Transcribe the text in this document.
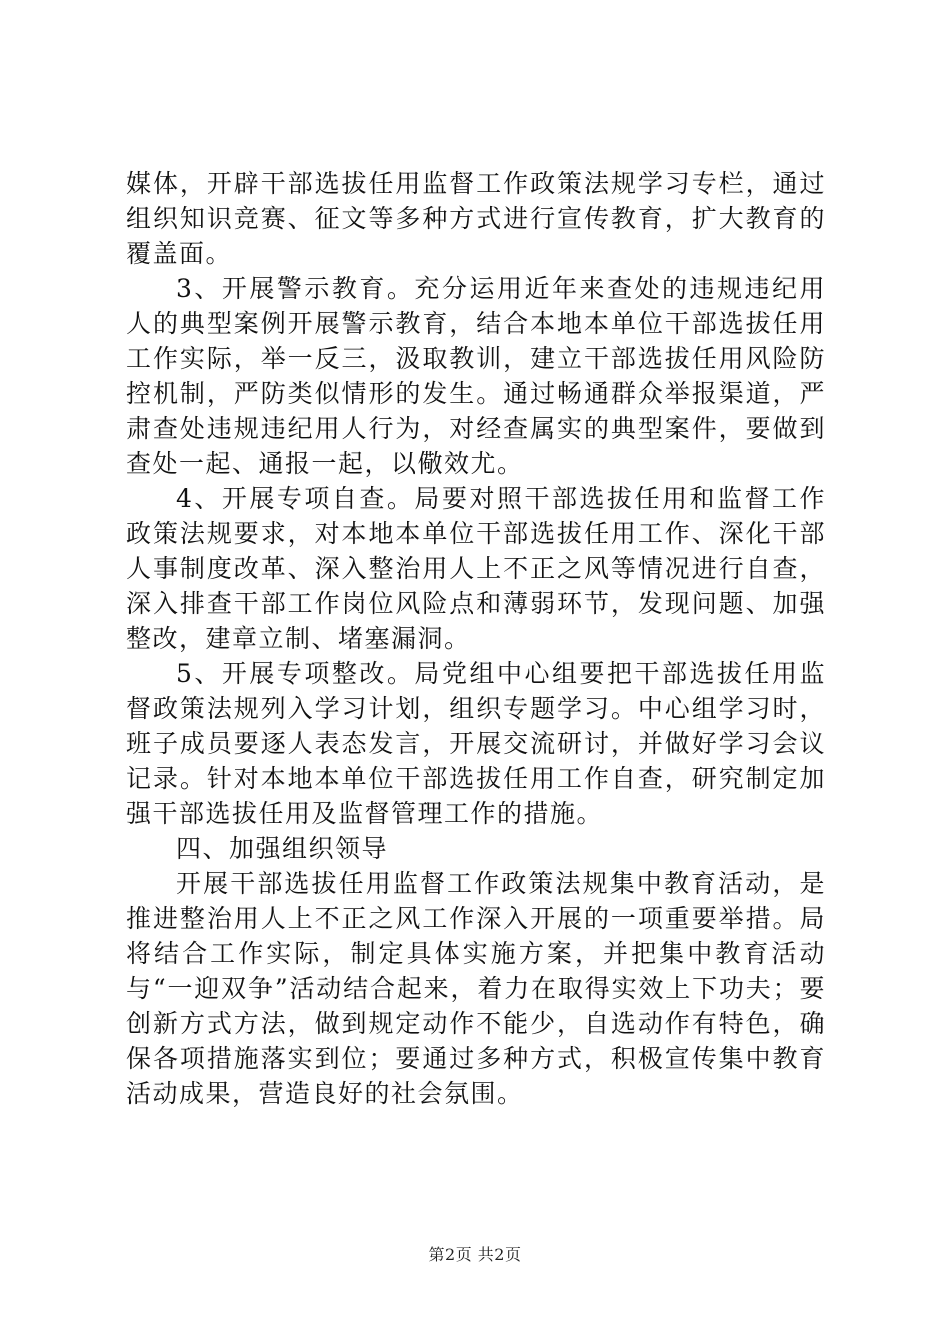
媒体，开辟干部选拔任用监督工作政策法规学习专栏，通过组织知识竞赛、征文等多种方式进行宣传教育，扩大教育的覆盖面。

3、开展警示教育。充分运用近年来查处的违规违纪用人的典型案例开展警示教育，结合本地本单位干部选拔任用工作实际，举一反三，汲取教训，建立干部选拔任用风险防控机制，严防类似情形的发生。通过畅通群众举报渠道，严肃查处违规违纪用人行为，对经查属实的典型案件，要做到查处一起、通报一起，以儆效尤。

4、开展专项自查。局要对照干部选拔任用和监督工作政策法规要求，对本地本单位干部选拔任用工作、深化干部人事制度改革、深入整治用人上不正之风等情况进行自查，深入排查干部工作岗位风险点和薄弱环节，发现问题、加强整改，建章立制、堵塞漏洞。

5、开展专项整改。局党组中心组要把干部选拔任用监督政策法规列入学习计划，组织专题学习。中心组学习时，班子成员要逐人表态发言，开展交流研讨，并做好学习会议记录。针对本地本单位干部选拔任用工作自查，研究制定加强干部选拔任用及监督管理工作的措施。

四、加强组织领导

开展干部选拔任用监督工作政策法规集中教育活动，是推进整治用人上不正之风工作深入开展的一项重要举措。局将结合工作实际，制定具体实施方案，并把集中教育活动与“一迎双争”活动结合起来，着力在取得实效上下功夫；要创新方式方法，做到规定动作不能少，自选动作有特色，确保各项措施落实到位；要通过多种方式，积极宣传集中教育活动成果，营造良好的社会氛围。

第2页 共2页
